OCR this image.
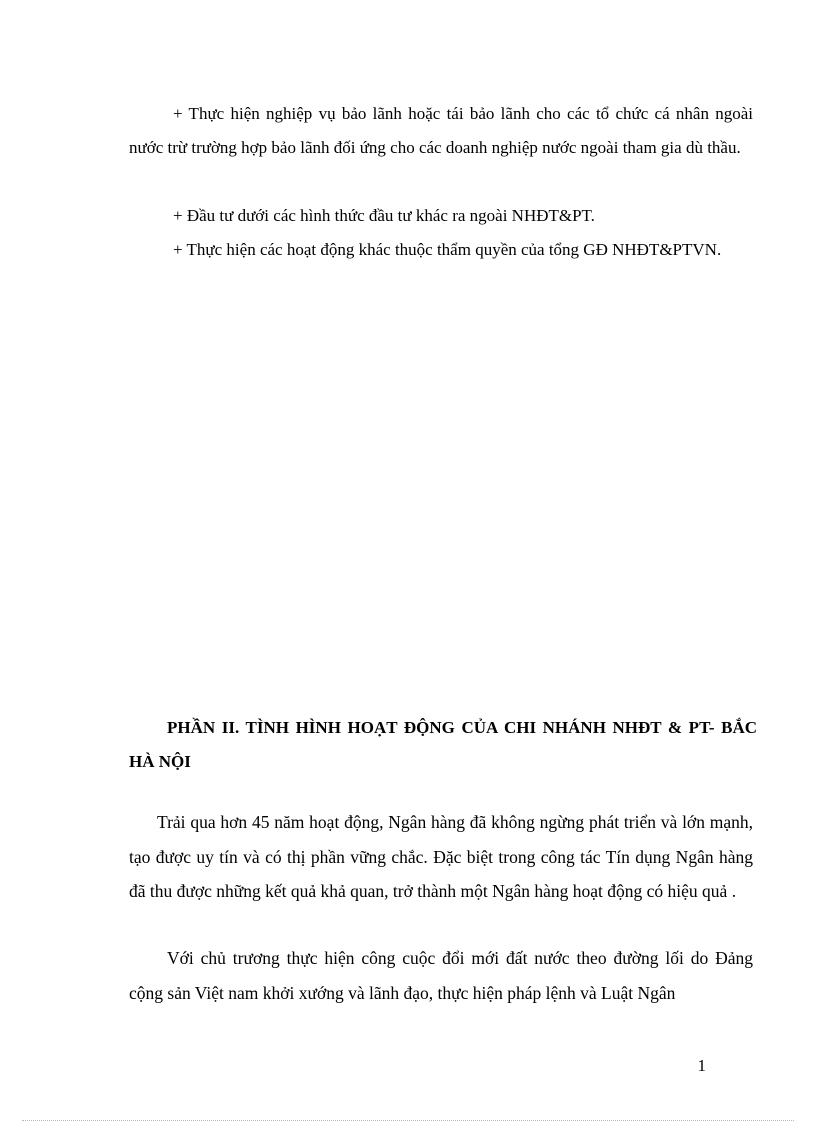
+ Thực hiện nghiệp vụ bảo lãnh hoặc tái bảo lãnh cho các tổ chức cá nhân ngoài nước trừ trường hợp bảo lãnh đối ứng cho các doanh nghiệp nước ngoài tham gia dù thầu.

+ Đầu tư dưới các hình thức đầu tư khác ra ngoài NHĐT&PT.

+ Thực hiện các hoạt động khác thuộc thẩm quyền của tổng GĐ NHĐT&PTVN.

PHẦN II. TÌNH HÌNH HOẠT ĐỘNG CỦA CHI NHÁNH NHĐT & PT- BẮC HÀ NỘI

Trải qua hơn 45 năm hoạt động, Ngân hàng đã không ngừng phát triển và lớn mạnh, tạo được uy tín và có thị phần vững chắc. Đặc biệt trong công tác Tín dụng Ngân hàng đã thu được những kết quả khả quan, trở thành một Ngân hàng hoạt động có hiệu quả .

Với chủ trương thực hiện công cuộc đổi mới đất nước theo đường lối do Đảng cộng sản Việt nam khởi xướng và lãnh đạo, thực hiện pháp lệnh và Luật Ngân

1
